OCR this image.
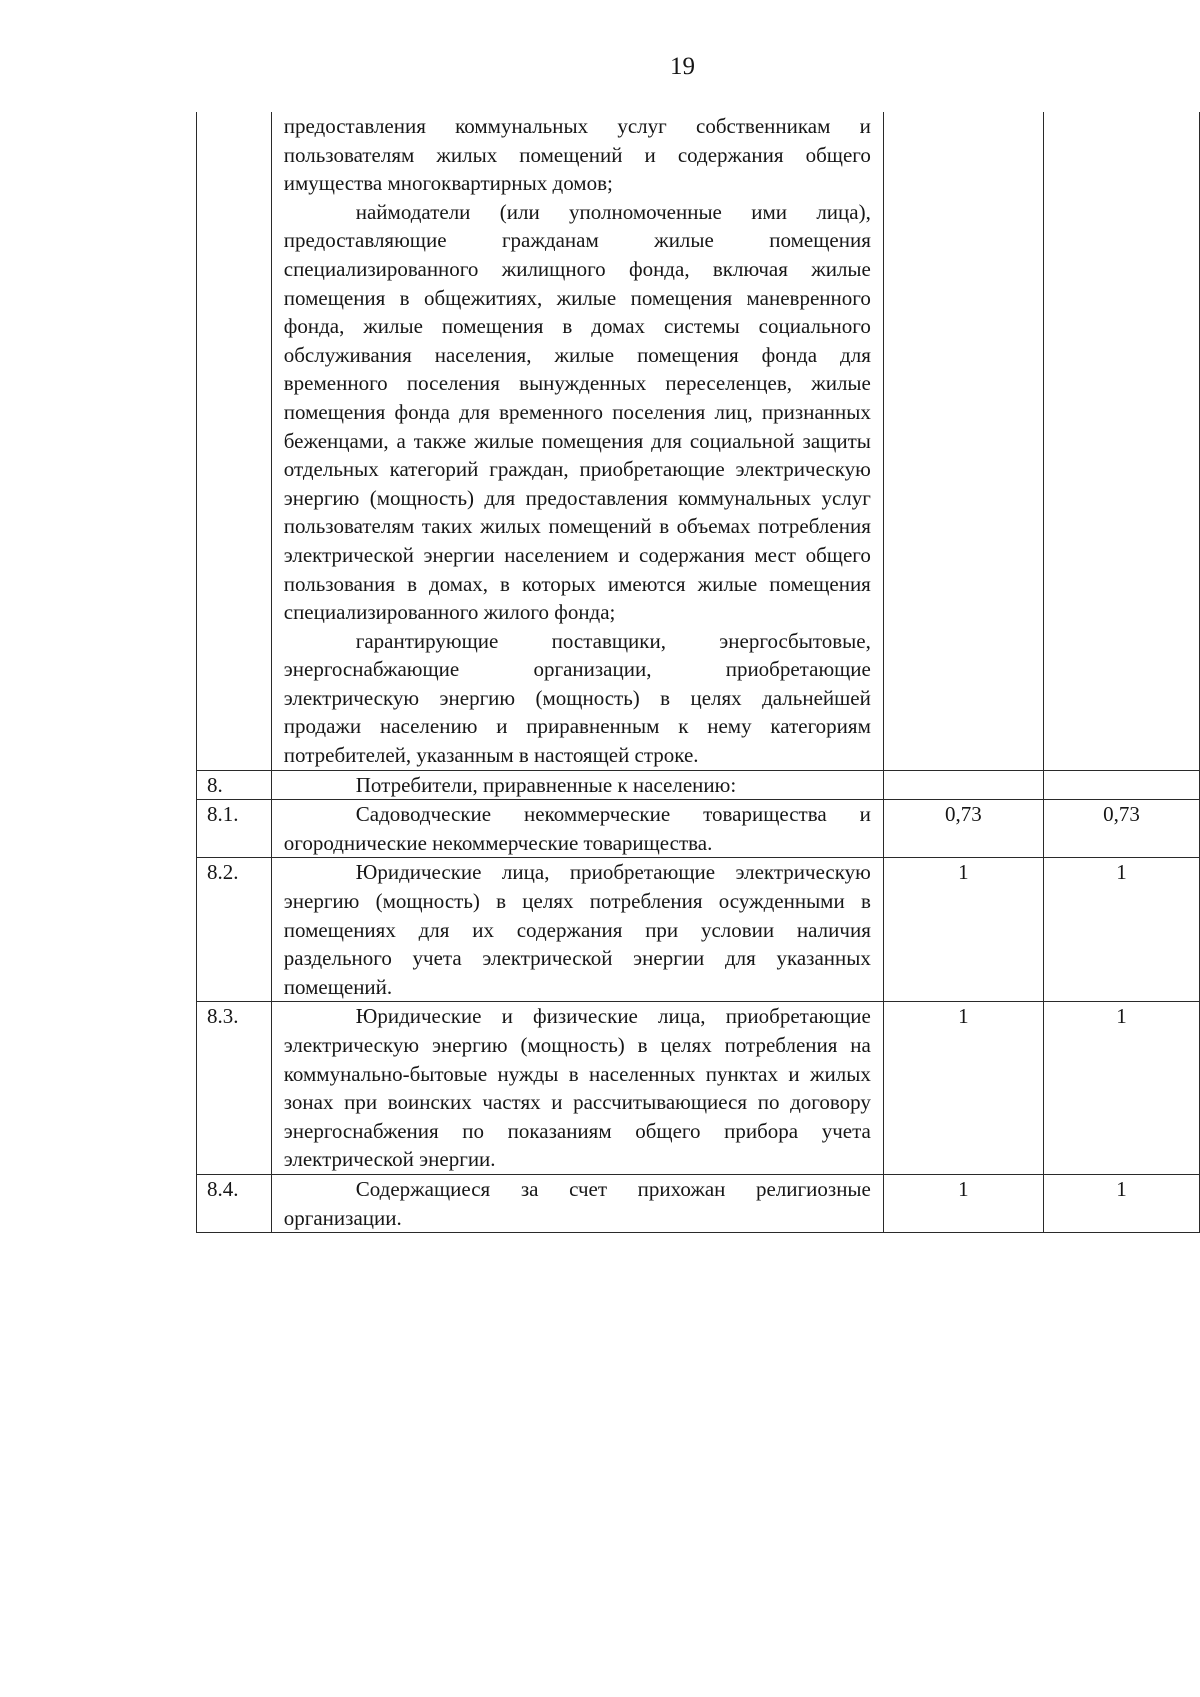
19

	предоставления коммунальных услуг собственникам и пользователям жилых помещений и содержания общего имущества многоквартирных домов;
наймодатели (или уполномоченные ими лица), предоставляющие гражданам жилые помещения специализированного жилищного фонда, включая жилые помещения в общежитиях, жилые помещения маневренного фонда, жилые помещения в домах системы социального обслуживания населения, жилые помещения фонда для временного поселения вынужденных переселенцев, жилые помещения фонда для временного поселения лиц, признанных беженцами, а также жилые помещения для социальной защиты отдельных категорий граждан, приобретающие электрическую энергию (мощность) для предоставления коммунальных услуг пользователям таких жилых помещений в объемах потребления электрической энергии населением и содержания мест общего пользования в домах, в которых имеются жилые помещения специализированного жилого фонда;
гарантирующие поставщики, энергосбытовые, энергоснабжающие организации, приобретающие электрическую энергию (мощность) в целях дальнейшей продажи населению и приравненным к нему категориям потребителей, указанным в настоящей строке.		

8.	Потребители, приравненные к населению:		

8.1.	Садоводческие некоммерческие товарищества и огороднические некоммерческие товарищества.	0,73	0,73
8.2.	Юридические лица, приобретающие электрическую энергию (мощность) в целях потребления осужденными в помещениях для их содержания при условии наличия раздельного учета электрической энергии для указанных помещений.	1	1
8.3.	Юридические и физические лица, приобретающие электрическую энергию (мощность) в целях потребления на коммунально-бытовые нужды в населенных пунктах и жилых зонах при воинских частях и рассчитывающиеся по договору энергоснабжения по показаниям общего прибора учета электрической энергии.	1	1
8.4.	Содержащиеся за счет прихожан религиозные организации.	1	1
